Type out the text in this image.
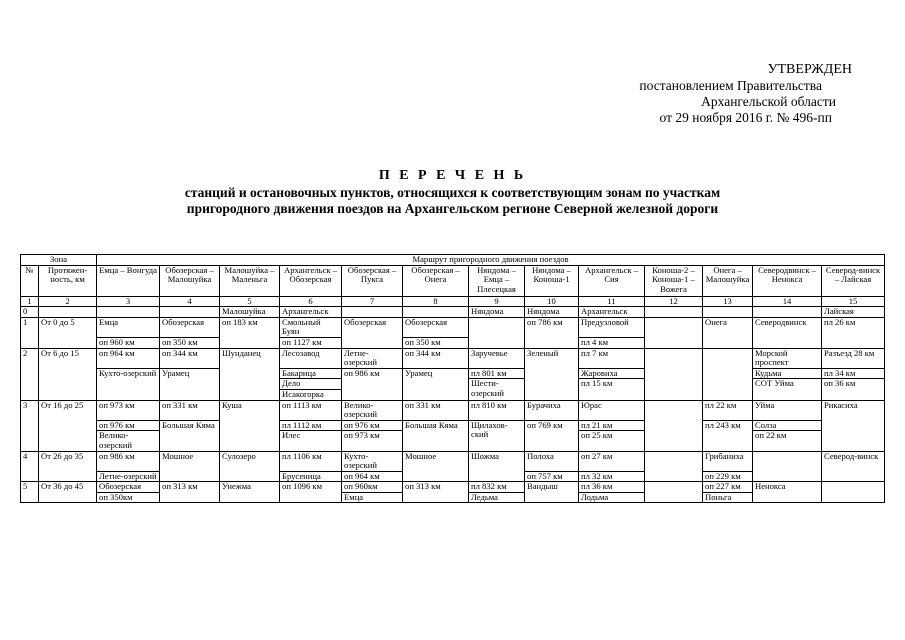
УТВЕРЖДЕН
постановлением Правительства
Архангельской области
от 29 ноября 2016 г. № 496-пп
П Е Р Е Ч Е Н Ь
станций и остановочных пунктов, относящихся к соответствующим зонам по участкам
пригородного движения поездов на Архангельском регионе Северной железной дороги
Зона		Маршрут пригородного движения поездов												
№	Протяжен-ность, км	Емца – Вонгуда	Обозерская – Малошуйка	Малошуйка – Маленьга	Архангельск – Обозерская	Обозерская – Пукса	Обозерская – Онега	Няндома – Емца – Плесецкая	Няндома – Коноша-1	Архангельск – Сия	Коноша-2 – Коноша-1 – Вожега	Онега – Малошуйка	Северодвинск – Ненокса	Северод-винск – Лайская
1	2	3	4	5	6	7	8	9	10	11	12	13	14	15
0				Малошуйка	Архангельск			Няндома	Няндома	Архангельск				Лайская
1	От 0 до 5	Емца	Обозерская	оп 183 км	Смольный Буян	Обозерская	Обозерская		оп 786 км	Предузловой		Онега	Северодвинск	пл 26 км
		оп 960 км	оп 350 км		оп 1127 км		оп 350 км			пл 4 км				
2	От 6 до 15	оп 964 км	оп 344 км	Шунданец	Лесозавод	Летне-озерский	оп 344 км	Заручевье	Зеленый	пл 7 км			Морской проспект	Разъезд 28 км
		Кухто-озерский	Урамец		Бакарица	оп 986 км	Урамец	пл 801 км		Жаровиха			Кудьма	пл 34 км
					Дело			Шести-озерский		пл 15 км			СОТ Уйма	оп 36 км
					Исакогорка									
3	От 16 до 25	оп 973 км	оп 331 км	Куша	оп 1113 км	Велико-озерский	оп 331 км	пл 810 км	Бурачиха	Юрас		пл 22 км	Уйма	Рикасиха
		оп 976 км	Большая Кяма		пл 1112 км	оп 976 км	Большая Кяма	Щилахов-ский	оп 769 км	пл 21 км		пл 243 км	Солза	
		Велико-озерский			Илес	оп 973 км				оп 25 км			оп 22 км	
4	От 26 до 35	оп 986 км	Мошное	Сулозеро	пл 1106 км	Кухто-озерский	Мошное	Шожма	Полоха	оп 27 км		Грибаниха		Северод-винск
		Летне-озерский			Брусеница	оп 964 км			оп 757 км	пл 32 км		оп 229 км		
5	От 36 до 45	Обозерская	оп 313 км	Унежма	оп 1096 км	оп 960км	оп 313 км	пл 832 км	Вандыш	пл 36 км		оп 227 км	Ненокса	
		оп 350км				Емца		Ледьма		Лодьма		Поньга		
